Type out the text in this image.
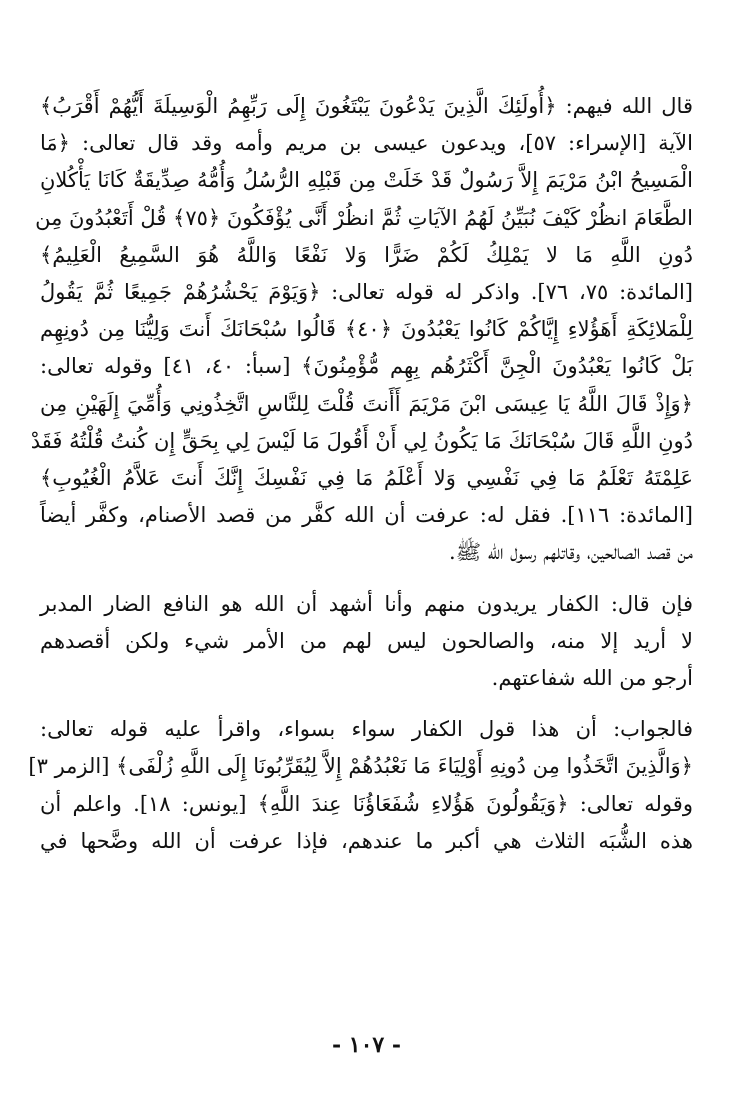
قال الله فيهم: ﴿أُولَئِكَ الَّذِينَ يَدْعُونَ يَبْتَغُونَ إِلَى رَبِّهِمُ الْوَسِيلَةَ أَيُّهُمْ أَقْرَبُ﴾
الآية [الإسراء: ٥٧]، ويدعون عيسى بن مريم وأمه وقد قال تعالى: ﴿مَا
الْمَسِيحُ ابْنُ مَرْيَمَ إِلاَّ رَسُولٌ قَدْ خَلَتْ مِن قَبْلِهِ الرُّسُلُ وَأُمُّهُ صِدِّيقَةٌ كَانَا يَأْكُلانِ
الطَّعَامَ انظُرْ كَيْفَ نُبَيِّنُ لَهُمُ الآيَاتِ ثُمَّ انظُرْ أَنَّى يُؤْفَكُونَ ﴿٧٥﴾ قُلْ أَتَعْبُدُونَ مِن
دُونِ اللَّهِ مَا لا يَمْلِكُ لَكُمْ ضَرًّا وَلا نَفْعًا وَاللَّهُ هُوَ السَّمِيعُ الْعَلِيمُ﴾
[المائدة: ٧٥، ٧٦]. واذكر له قوله تعالى: ﴿وَيَوْمَ يَحْشُرُهُمْ جَمِيعًا ثُمَّ يَقُولُ
لِلْمَلائِكَةِ أَهَؤُلاءِ إِيَّاكُمْ كَانُوا يَعْبُدُونَ ﴿٤٠﴾ قَالُوا سُبْحَانَكَ أَنتَ وَلِيُّنَا مِن دُونِهِم
بَلْ كَانُوا يَعْبُدُونَ الْجِنَّ أَكْثَرُهُم بِهِم مُّؤْمِنُونَ﴾ [سبأ: ٤٠، ٤١] وقوله تعالى:
﴿وَإِذْ قَالَ اللَّهُ يَا عِيسَى ابْنَ مَرْيَمَ أَأَنتَ قُلْتَ لِلنَّاسِ اتَّخِذُونِي وَأُمِّيَ إِلَهَيْنِ مِن
دُونِ اللَّهِ قَالَ سُبْحَانَكَ مَا يَكُونُ لِي أَنْ أَقُولَ مَا لَيْسَ لِي بِحَقٍّ إِن كُنتُ قُلْتُهُ فَقَدْ
عَلِمْتَهُ تَعْلَمُ مَا فِي نَفْسِي وَلا أَعْلَمُ مَا فِي نَفْسِكَ إِنَّكَ أَنتَ عَلاَّمُ الْغُيُوبِ﴾
[المائدة: ١١٦]. فقل له: عرفت أن الله كفَّر من قصد الأصنام، وكفَّر أيضاً
من قصد الصالحين، وقاتلهم رسول الله ﷺ.
فإن قال: الكفار يريدون منهم وأنا أشهد أن الله هو النافع الضار المدبر
لا أريد إلا منه، والصالحون ليس لهم من الأمر شيء ولكن أقصدهم
أرجو من الله شفاعتهم.
فالجواب: أن هذا قول الكفار سواء بسواء، واقرأ عليه قوله تعالى:
﴿وَالَّذِينَ اتَّخَذُوا مِن دُونِهِ أَوْلِيَاءَ مَا نَعْبُدُهُمْ إِلاَّ لِيُقَرِّبُونَا إِلَى اللَّهِ زُلْفَى﴾ [الزمر ٣]
وقوله تعالى: ﴿وَيَقُولُونَ هَؤُلاءِ شُفَعَاؤُنَا عِندَ اللَّهِ﴾ [يونس: ١٨]. واعلم أن
هذه الشُّبَه الثلاث هي أكبر ما عندهم، فإذا عرفت أن الله وضَّحها في
- ١٠٧ -
